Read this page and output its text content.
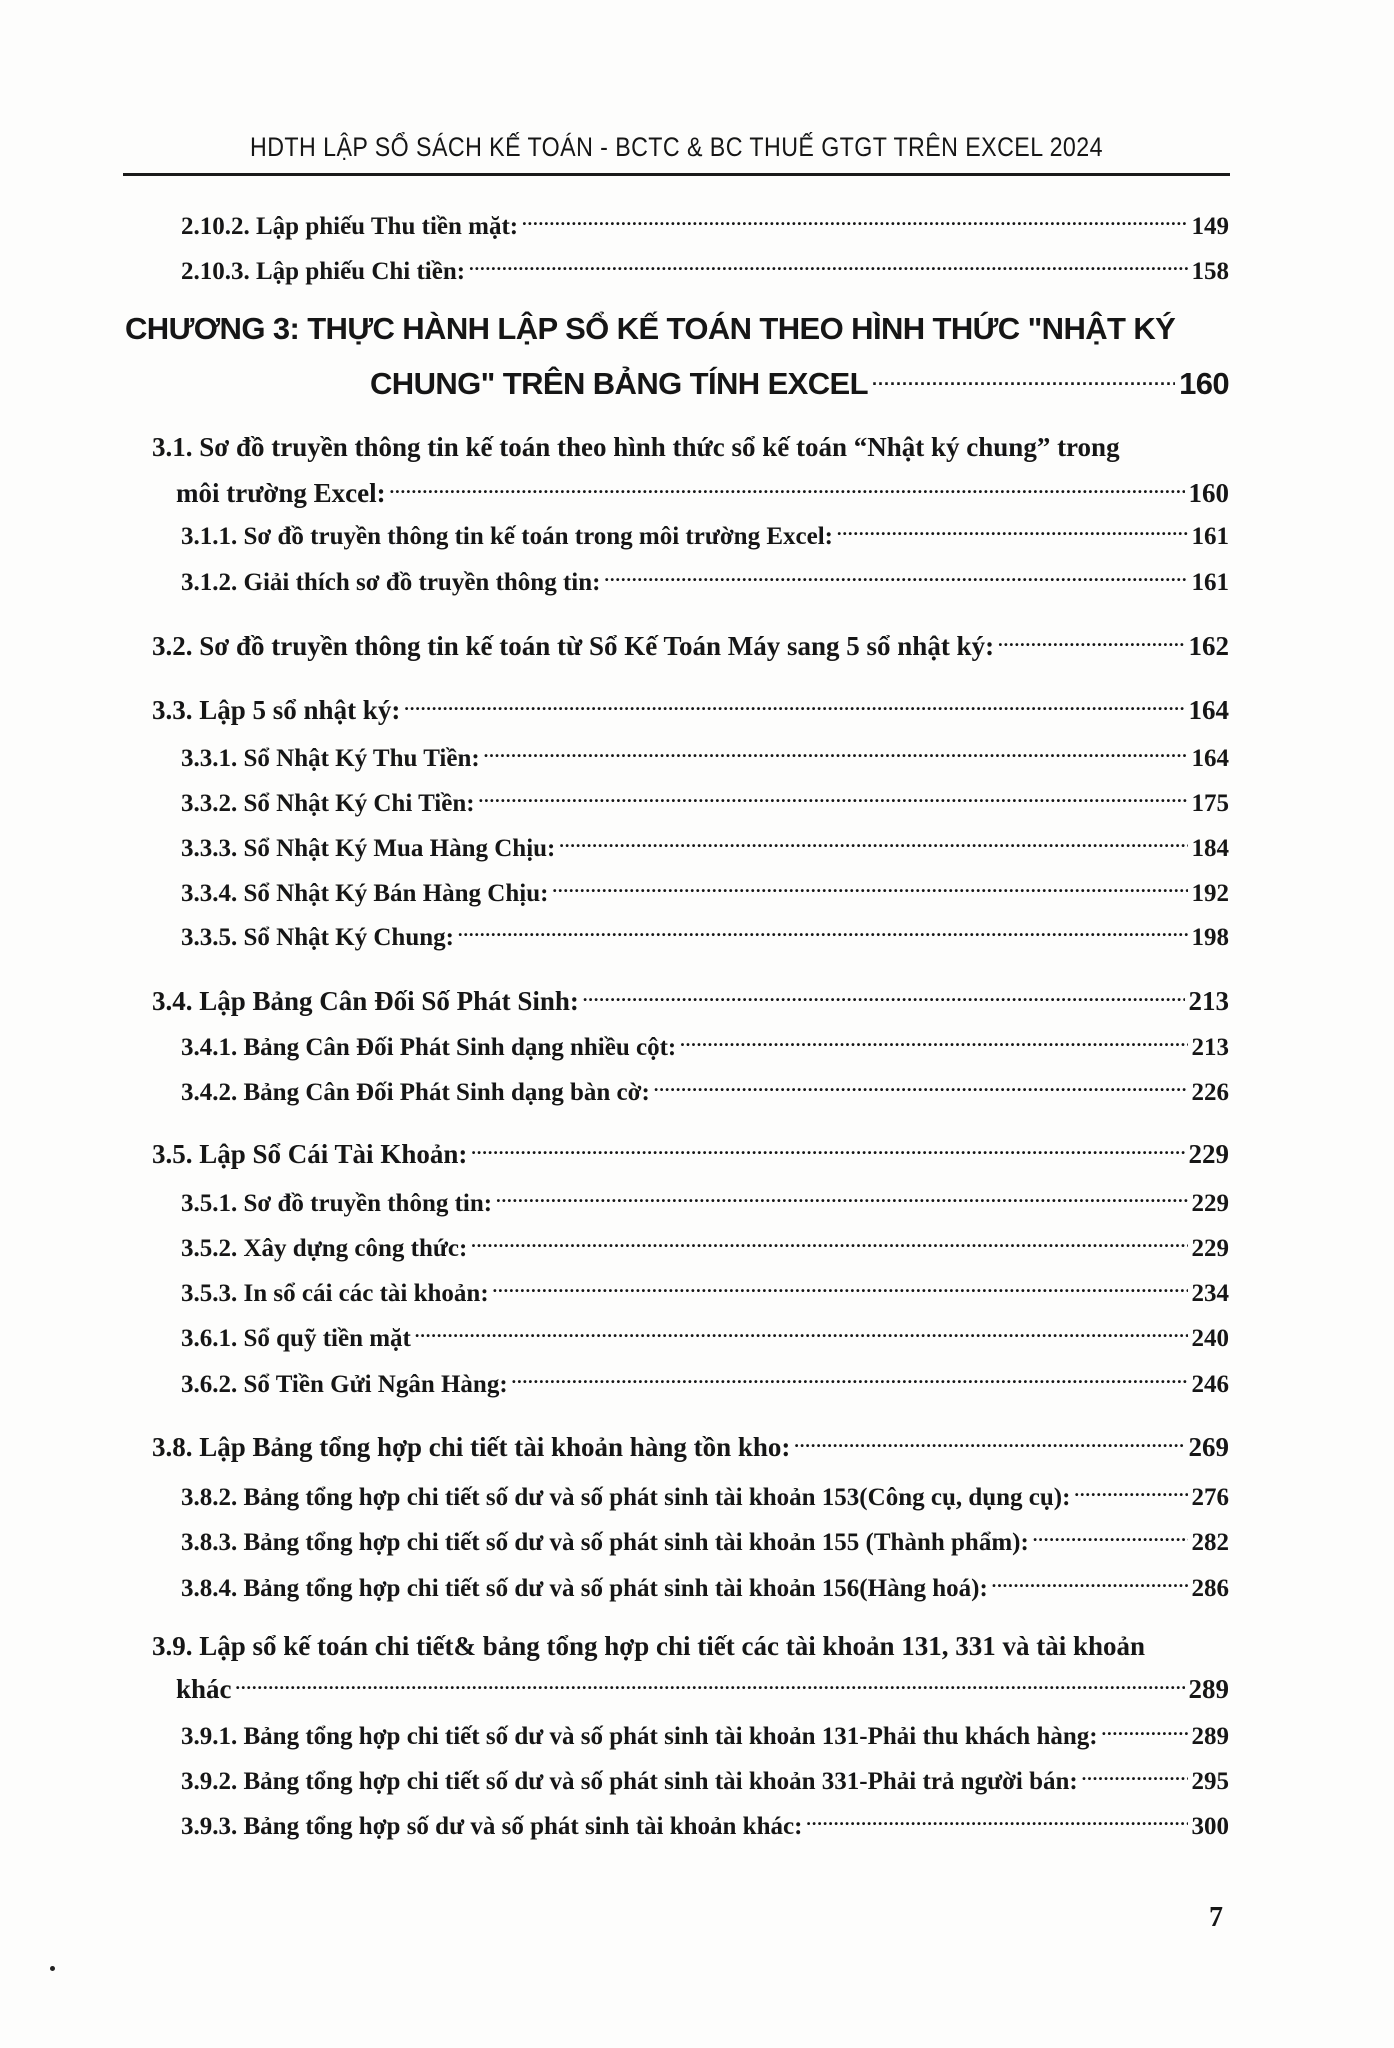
HDTH LẬP SỔ SÁCH KẾ TOÁN - BCTC & BC THUẾ GTGT TRÊN EXCEL 2024
2.10.2. Lập phiếu Thu tiền mặt: .....	149
2.10.3. Lập phiếu Chi tiền: .....	158
CHƯƠNG 3: THỰC HÀNH LẬP SỔ KẾ TOÁN THEO HÌNH THỨC "NHẬT KÝ
CHUNG" TRÊN BẢNG TÍNH EXCEL .....	160
3.1. Sơ đồ truyền thông tin kế toán theo hình thức sổ kế toán “Nhật ký chung” trong
môi trường Excel: .....	160
3.1.1. Sơ đồ truyền thông tin kế toán trong môi trường Excel: .....	161
3.1.2. Giải thích sơ đồ truyền thông tin: .....	161
3.2. Sơ đồ truyền thông tin kế toán từ Sổ Kế Toán Máy sang 5 sổ nhật ký: .....	162
3.3. Lập 5 sổ nhật ký: .....	164
3.3.1. Sổ Nhật Ký Thu Tiền: .....	164
3.3.2. Sổ Nhật Ký Chi Tiền: .....	175
3.3.3. Sổ Nhật Ký Mua Hàng Chịu: .....	184
3.3.4. Sổ Nhật Ký Bán Hàng Chịu: .....	192
3.3.5. Sổ Nhật Ký Chung: .....	198
3.4. Lập Bảng Cân Đối Số Phát Sinh: .....	213
3.4.1. Bảng Cân Đối Phát Sinh dạng nhiều cột: .....	213
3.4.2. Bảng Cân Đối Phát Sinh dạng bàn cờ: .....	226
3.5. Lập Sổ Cái Tài Khoản: .....	229
3.5.1. Sơ đồ truyền thông tin: .....	229
3.5.2. Xây dựng công thức: .....	229
3.5.3. In sổ cái các tài khoản: .....	234
3.6.1. Sổ quỹ tiền mặt .....	240
3.6.2. Sổ Tiền Gửi Ngân Hàng: .....	246
3.8. Lập Bảng tổng hợp chi tiết tài khoản hàng tồn kho: .....	269
3.8.2. Bảng tổng hợp chi tiết số dư và số phát sinh tài khoản 153(Công cụ, dụng cụ): .....	276
3.8.3. Bảng tổng hợp chi tiết số dư và số phát sinh tài khoản 155 (Thành phẩm): .....	282
3.8.4. Bảng tổng hợp chi tiết số dư và số phát sinh tài khoản 156(Hàng hoá): .....	286
3.9. Lập sổ kế toán chi tiết& bảng tổng hợp chi tiết các tài khoản 131, 331 và tài khoản
khác .....	289
3.9.1. Bảng tổng hợp chi tiết số dư và số phát sinh tài khoản 131-Phải thu khách hàng: .....	289
3.9.2. Bảng tổng hợp chi tiết số dư và số phát sinh tài khoản 331-Phải trả người bán: .....	295
3.9.3. Bảng tổng hợp số dư và số phát sinh tài khoản khác: .....	300
7
